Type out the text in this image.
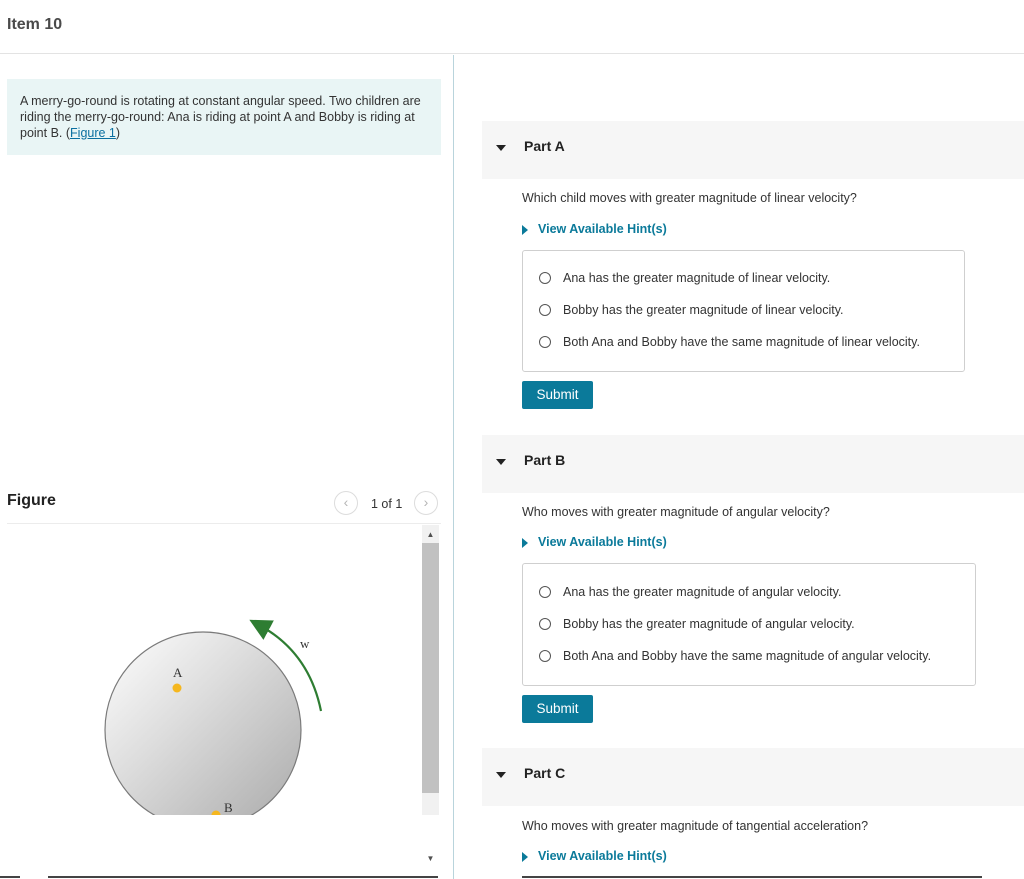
Item 10
A merry-go-round is rotating at constant angular speed. Two children are riding the merry-go-round: Ana is riding at point A and Bobby is riding at point B. (Figure 1)
Figure	‹	1 of 1	›
w
A
B
▲
▼
Part A
Which child moves with greater magnitude of linear velocity?
View Available Hint(s)
Ana has the greater magnitude of linear velocity.
Bobby has the greater magnitude of linear velocity.
Both Ana and Bobby have the same magnitude of linear velocity.
Submit
Part B
Who moves with greater magnitude of angular velocity?
View Available Hint(s)
Ana has the greater magnitude of angular velocity.
Bobby has the greater magnitude of angular velocity.
Both Ana and Bobby have the same magnitude of angular velocity.
Submit
Part C
Who moves with greater magnitude of tangential acceleration?
View Available Hint(s)
